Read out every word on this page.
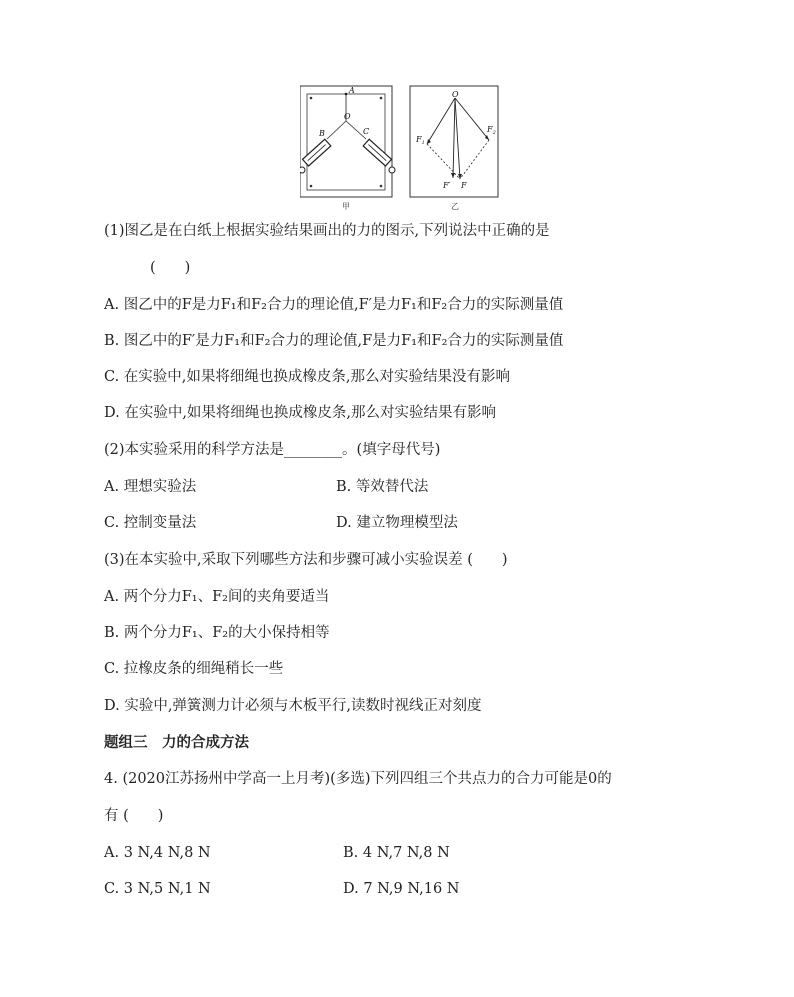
A
O
B	C
甲
O
$F_1$
$F_2$
F′ F
乙
(1)图乙是在白纸上根据实验结果画出的力的图示,下列说法中正确的是
(　　)
A. 图乙中的F是力F₁和F₂合力的理论值,F′是力F₁和F₂合力的实际测量值
B. 图乙中的F′是力F₁和F₂合力的理论值,F是力F₁和F₂合力的实际测量值
C. 在实验中,如果将细绳也换成橡皮条,那么对实验结果没有影响
D. 在实验中,如果将细绳也换成橡皮条,那么对实验结果有影响
(2)本实验采用的科学方法是________。(填字母代号)
A. 理想实验法	B. 等效替代法
C. 控制变量法	D. 建立物理模型法
(3)在本实验中,采取下列哪些方法和步骤可减小实验误差 (　　)
A. 两个分力F₁、F₂间的夹角要适当
B. 两个分力F₁、F₂的大小保持相等
C. 拉橡皮条的细绳稍长一些
D. 实验中,弹簧测力计必须与木板平行,读数时视线正对刻度
题组三　力的合成方法
4. (2020江苏扬州中学高一上月考)(多选)下列四组三个共点力的合力可能是0的
有 (　　)
A. 3 N,4 N,8 N	B. 4 N,7 N,8 N
C. 3 N,5 N,1 N	D. 7 N,9 N,16 N
